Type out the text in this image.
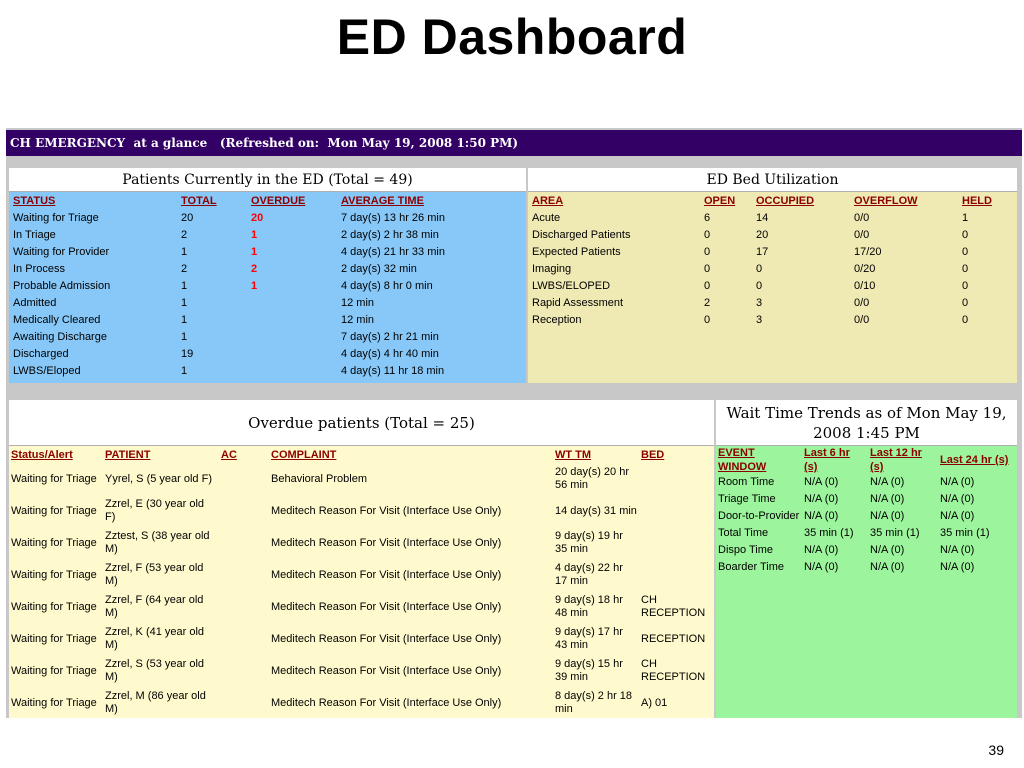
ED Dashboard
CH EMERGENCY  at a glance   (Refreshed on:  Mon May 19, 2008 1:50 PM)
Patients Currently in the ED (Total = 49)
STATUS	TOTAL	OVERDUE	AVERAGE TIME
Waiting for Triage	20	20	7 day(s) 13 hr 26 min
In Triage	2	1	2 day(s) 2 hr 38 min
Waiting for Provider	1	1	4 day(s) 21 hr 33 min
In Process	2	2	2 day(s) 32 min
Probable Admission	1	1	4 day(s) 8 hr 0 min
Admitted	1		12 min
Medically Cleared	1		12 min
Awaiting Discharge	1		7 day(s) 2 hr 21 min
Discharged	19		4 day(s) 4 hr 40 min
LWBS/Eloped	1		4 day(s) 11 hr 18 min
ED Bed Utilization
AREA	OPEN	OCCUPIED	OVERFLOW	HELD
Acute	6	14	0/0	1
Discharged Patients	0	20	0/0	0
Expected Patients	0	17	17/20	0
Imaging	0	0	0/20	0
LWBS/ELOPED	0	0	0/10	0
Rapid Assessment	2	3	0/0	0
Reception	0	3	0/0	0
Overdue patients (Total = 25)
Status/Alert	PATIENT	AC	COMPLAINT	WT TM	BED
Waiting for Triage	Yyrel, S (5 year old F)		Behavioral Problem	20 day(s) 20 hr 56 min	
Waiting for Triage	Zzrel, E (30 year old F)		Meditech Reason For Visit (Interface Use Only)	14 day(s) 31 min	
Waiting for Triage	Zztest, S (38 year old M)		Meditech Reason For Visit (Interface Use Only)	9 day(s) 19 hr 35 min	
Waiting for Triage	Zzrel, F (53 year old M)		Meditech Reason For Visit (Interface Use Only)	4 day(s) 22 hr 17 min	
Waiting for Triage	Zzrel, F (64 year old M)		Meditech Reason For Visit (Interface Use Only)	9 day(s) 18 hr 48 min	CH RECEPTION
Waiting for Triage	Zzrel, K (41 year old M)		Meditech Reason For Visit (Interface Use Only)	9 day(s) 17 hr 43 min	RECEPTION
Waiting for Triage	Zzrel, S (53 year old M)		Meditech Reason For Visit (Interface Use Only)	9 day(s) 15 hr 39 min	CH RECEPTION
Waiting for Triage	Zzrel, M (86 year old M)		Meditech Reason For Visit (Interface Use Only)	8 day(s) 2 hr 18 min	A) 01
Wait Time Trends as of Mon May 19, 2008 1:45 PM
EVENT WINDOW	Last 6 hr (s)	Last 12 hr (s)	Last 24 hr (s)
Room Time	N/A (0)	N/A (0)	N/A (0)
Triage Time	N/A (0)	N/A (0)	N/A (0)
Door-to-Provider	N/A (0)	N/A (0)	N/A (0)
Total Time	35 min (1)	35 min (1)	35 min (1)
Dispo Time	N/A (0)	N/A (0)	N/A (0)
Boarder Time	N/A (0)	N/A (0)	N/A (0)
39
